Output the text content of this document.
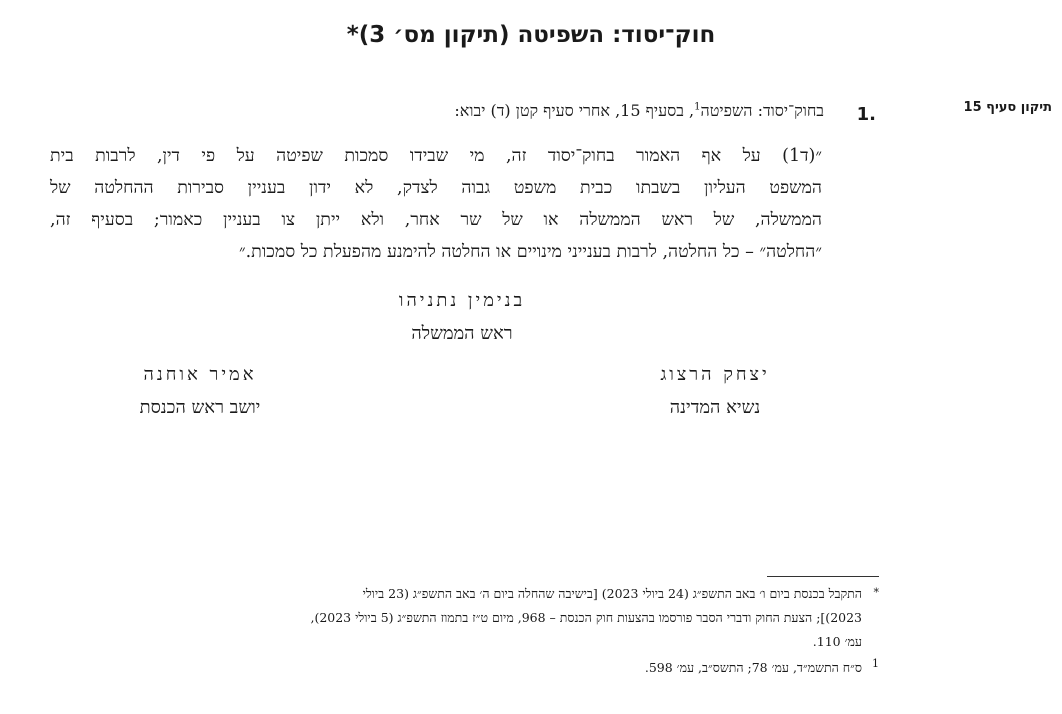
חוק־יסוד: השפיטה (תיקון מס׳ 3)*
תיקון סעיף 15
1.
בחוק־יסוד: השפיטה$^1$, בסעיף 15, אחרי סעיף קטן (ד) יבוא:
״(ד1) על אף האמור בחוק־יסוד זה, מי שבידו סמכות שפיטה על פי דין, לרבות בית
המשפט העליון בשבתו כבית משפט גבוה לצדק, לא ידון בעניין סבירות ההחלטה של
הממשלה, של ראש הממשלה או של שר אחר, ולא ייתן צו בעניין כאמור; בסעיף זה,
״החלטה״ – כל החלטה, לרבות בענייני מינויים או החלטה להימנע מהפעלת כל סמכות.״
בנימין נתניהו
ראש הממשלה
יצחק הרצוג
נשיא המדינה
אמיר אוחנה
יושב ראש הכנסת
*
התקבל בכנסת ביום ו׳ באב התשפ״ג (24 ביולי 2023) [בישיבה שהחלה ביום ה׳ באב התשפ״ג (23 ביולי
2023)]; הצעת החוק ודברי הסבר פורסמו בהצעות חוק הכנסת – 968, מיום ט״ז בתמוז התשפ״ג (5 ביולי 2023),
עמ׳ 110.
1
ס״ח התשמ״ד, עמ׳ 78; התשס״ב, עמ׳ 598.
